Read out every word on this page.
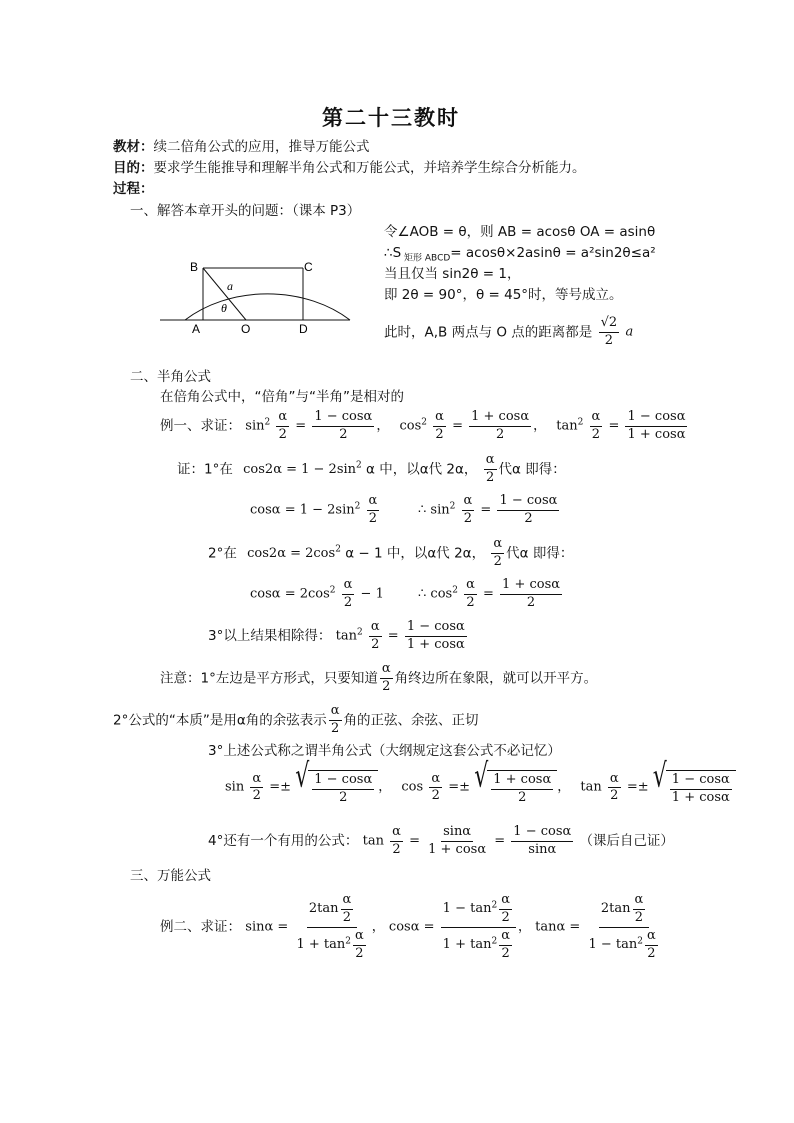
第二十三教时
教材：续二倍角公式的应用，推导万能公式
目的：要求学生能推导和理解半角公式和万能公式，并培养学生综合分析能力。
过程：
一、解答本章开头的问题：（课本 P3）
B	C
A	O	D
a
θ
令∠AOB = θ，则 AB = acosθ OA = asinθ
∴S $_{矩形 ABCD}$= acosθ×2asinθ = a²sin2θ≤a²
当且仅当 sin2θ = 1，
即 2θ = 90°，θ = 45°时，等号成立。
此时，A,B 两点与 O 点的距离都是 $\frac{√2}{2}$ a
二、半角公式
在倍角公式中，“倍角”与“半角”是相对的
例一、求证： $\sin^2 \frac{\alpha}{2} = \frac{1 - \cos\alpha}{2}$ ， $\cos^2 \frac{\alpha}{2} = \frac{1 + \cos\alpha}{2}$ ， $\tan^2 \frac{\alpha}{2} = \frac{1 - \cos\alpha}{1 + \cos\alpha}$
证：1°在 $\cos 2\alpha = 1 - 2\sin^2$ α 中，以α代 2α， $\frac{\alpha}{2}$ 代α 即得：
$\cos\alpha = 1 - 2\sin^2 \frac{\alpha}{2}$	∴ $\sin^2 \frac{\alpha}{2} = \frac{1 - \cos\alpha}{2}$
2°在 $\cos 2\alpha = 2\cos^2$ α − 1 中，以α代 2α， $\frac{\alpha}{2}$ 代α 即得：
$\cos\alpha = 2\cos^2 \frac{\alpha}{2} - 1$	∴ $\cos^2 \frac{\alpha}{2} = \frac{1 + \cos\alpha}{2}$
3°以上结果相除得： $\tan^2 \frac{\alpha}{2} = \frac{1 - \cos\alpha}{1 + \cos\alpha}$
注意：1°左边是平方形式，只要知道 $\frac{\alpha}{2}$ 角终边所在象限，就可以开平方。
2°公式的“本质”是用α角的余弦表示 $\frac{\alpha}{2}$ 角的正弦、余弦、正切
3°上述公式称之谓半角公式（大纲规定这套公式不必记忆）
$\sin \frac{\alpha}{2}$ =± √ $\frac{1 - \cos\alpha}{2}$ ， $\cos \frac{\alpha}{2}$ =± √ $\frac{1 + \cos\alpha}{2}$ ， $\tan \frac{\alpha}{2}$ =± √ $\frac{1 - \cos\alpha}{1 + \cos\alpha}$
4°还有一个有用的公式： $\tan \frac{\alpha}{2} = \frac{\sin\alpha}{1 + \cos\alpha} = \frac{1 - \cos\alpha}{\sin\alpha}$ （课后自己证）
三、万能公式
例二、求证： $\sin\alpha = \frac{2\tan \frac{\alpha}{2}}{1 + \tan^2 \frac{\alpha}{2}}$ ， $\cos\alpha = \frac{1 - \tan^2 \frac{\alpha}{2}}{1 + \tan^2 \frac{\alpha}{2}}$ ， $\tan\alpha = \frac{2\tan \frac{\alpha}{2}}{1 - \tan^2 \frac{\alpha}{2}}$
